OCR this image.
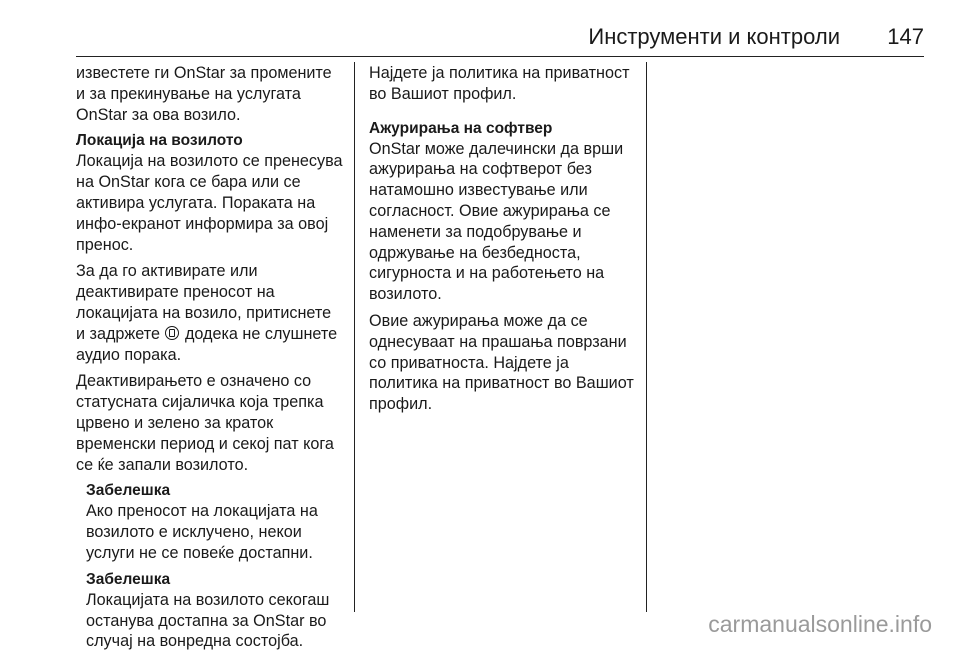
Инструменти и контроли 147

известете ги OnStar за промените и за прекинувањe на услугата OnStar за ова возило.

Локација на возилото

Локација на возилото се пренесува на OnStar кога се бара или се активира услугата. Пораката на инфо-екранот информира за овој пренос.

За да го активирате или деактивирате преносот на локацијата на возило, притиснете и задржете додека не слушнете аудио порака.

Деактивирањето е означено со статусната сијаличка која трепка црвено и зелено за краток временски период и секој пат кога се ќе запали возилото.

Забелешка

Ако преносот на локацијата на возилото е исклучено, некои услуги не се повеќе достапни.

Забелешка

Локацијата на возилото секогаш останува достапна за OnStar во случај на вонредна состојба.

Најдете ја политика на приватност во Вашиот профил.

Ажурирања на софтвер

OnStar може далечински да врши ажурирања на софтверот без натамошно известување или согласност. Овие ажурирања се наменети за подобрување и одржување на безбедноста, сигурноста и на работењето на возилото.

Овие ажурирања може да се однесуваат на прашања поврзани со приватноста. Најдете ја политика на приватност во Вашиот профил.

carmanualsonline.info
